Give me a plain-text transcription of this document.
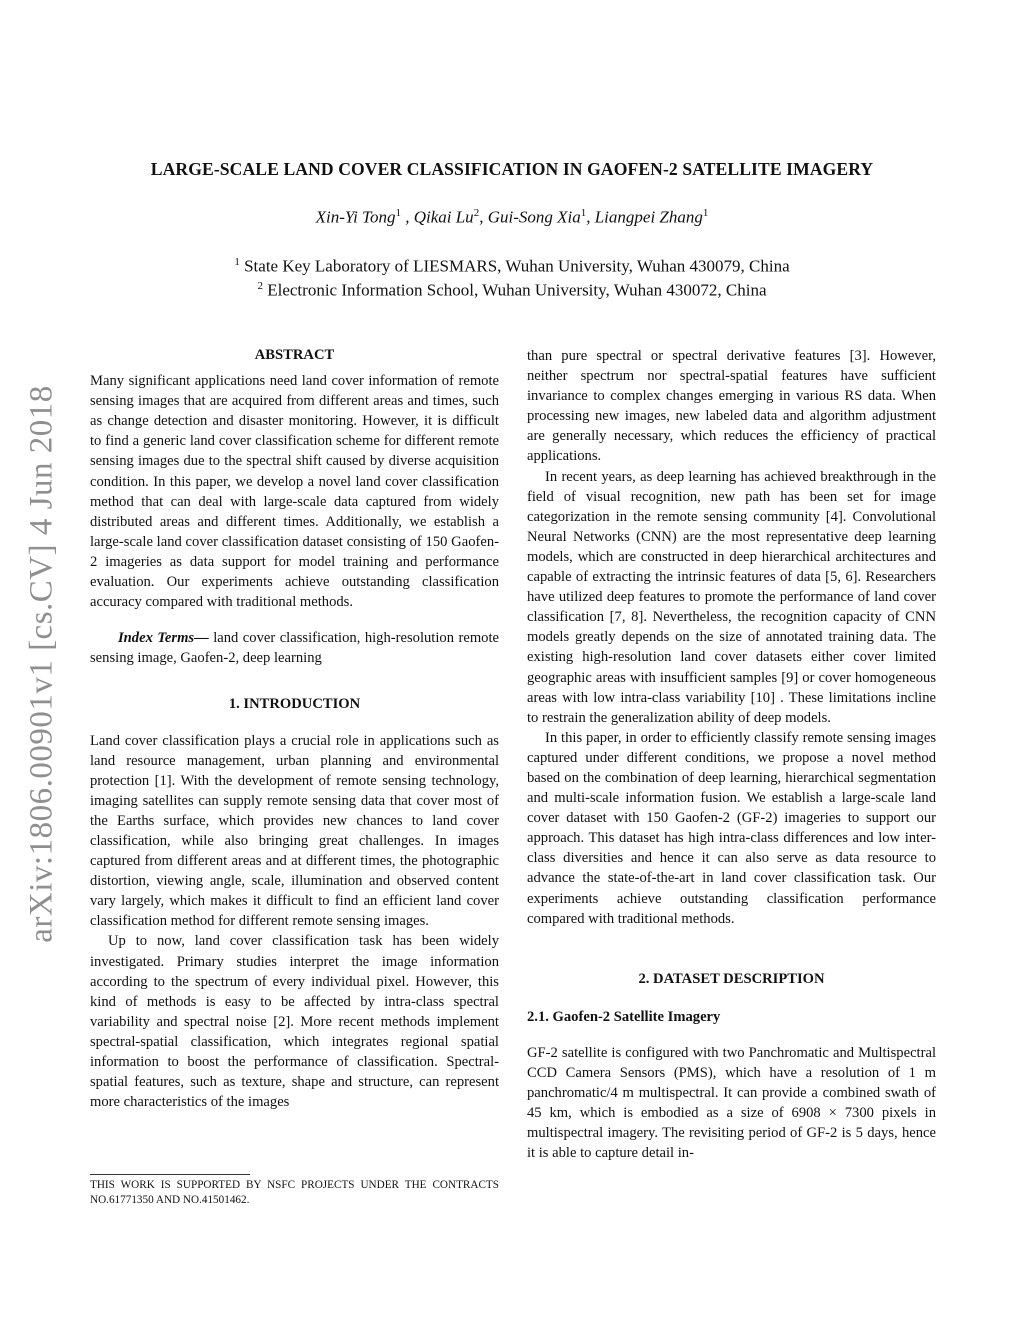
arXiv:1806.00901v1 [cs.CV] 4 Jun 2018
LARGE-SCALE LAND COVER CLASSIFICATION IN GAOFEN-2 SATELLITE IMAGERY
Xin-Yi Tong$^1$ , Qikai Lu$^2$, Gui-Song Xia$^1$, Liangpei Zhang$^1$
$^1$ State Key Laboratory of LIESMARS, Wuhan University, Wuhan 430079, China
$^2$ Electronic Information School, Wuhan University, Wuhan 430072, China
ABSTRACT

Many significant applications need land cover information of remote sensing images that are acquired from different areas and times, such as change detection and disaster monitoring. However, it is difficult to find a generic land cover classification scheme for different remote sensing images due to the spectral shift caused by diverse acquisition condition. In this paper, we develop a novel land cover classification method that can deal with large-scale data captured from widely distributed areas and different times. Additionally, we establish a large-scale land cover classification dataset consisting of 150 Gaofen-2 imageries as data support for model training and performance evaluation. Our experiments achieve outstanding classification accuracy compared with traditional methods.

Index Terms— land cover classification, high-resolution remote sensing image, Gaofen-2, deep learning

1. INTRODUCTION

Land cover classification plays a crucial role in applications such as land resource management, urban planning and environmental protection [1]. With the development of remote sensing technology, imaging satellites can supply remote sensing data that cover most of the Earths surface, which provides new chances to land cover classification, while also bringing great challenges. In images captured from different areas and at different times, the photographic distortion, viewing angle, scale, illumination and observed content vary largely, which makes it difficult to find an efficient land cover classification method for different remote sensing images.

Up to now, land cover classification task has been widely investigated. Primary studies interpret the image information according to the spectrum of every individual pixel. However, this kind of methods is easy to be affected by intra-class spectral variability and spectral noise [2]. More recent methods implement spectral-spatial classification, which integrates regional spatial information to boost the performance of classification. Spectral-spatial features, such as texture, shape and structure, can represent more characteristics of the images

THIS WORK IS SUPPORTED BY NSFC PROJECTS UNDER THE CONTRACTS NO.61771350 AND NO.41501462.

than pure spectral or spectral derivative features [3]. However, neither spectrum nor spectral-spatial features have sufficient invariance to complex changes emerging in various RS data. When processing new images, new labeled data and algorithm adjustment are generally necessary, which reduces the efficiency of practical applications.

In recent years, as deep learning has achieved breakthrough in the field of visual recognition, new path has been set for image categorization in the remote sensing community [4]. Convolutional Neural Networks (CNN) are the most representative deep learning models, which are constructed in deep hierarchical architectures and capable of extracting the intrinsic features of data [5, 6]. Researchers have utilized deep features to promote the performance of land cover classification [7, 8]. Nevertheless, the recognition capacity of CNN models greatly depends on the size of annotated training data. The existing high-resolution land cover datasets either cover limited geographic areas with insufficient samples [9] or cover homogeneous areas with low intra-class variability [10] . These limitations incline to restrain the generalization ability of deep models.

In this paper, in order to efficiently classify remote sensing images captured under different conditions, we propose a novel method based on the combination of deep learning, hierarchical segmentation and multi-scale information fusion. We establish a large-scale land cover dataset with 150 Gaofen-2 (GF-2) imageries to support our approach. This dataset has high intra-class differences and low inter-class diversities and hence it can also serve as data resource to advance the state-of-the-art in land cover classification task. Our experiments achieve outstanding classification performance compared with traditional methods.

2. DATASET DESCRIPTION
2.1. Gaofen-2 Satellite Imagery

GF-2 satellite is configured with two Panchromatic and Multispectral CCD Camera Sensors (PMS), which have a resolution of 1 m panchromatic/4 m multispectral. It can provide a combined swath of 45 km, which is embodied as a size of 6908 × 7300 pixels in multispectral imagery. The revisiting period of GF-2 is 5 days, hence it is able to capture detail in-
